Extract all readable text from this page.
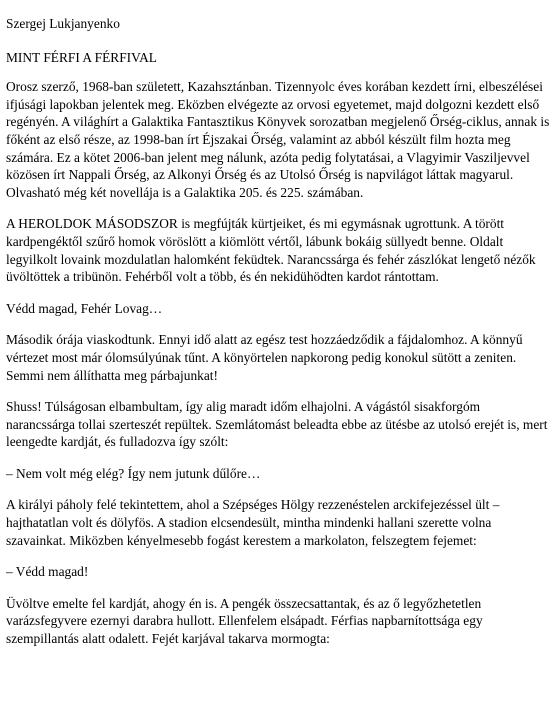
Szergej Lukjanyenko

MINT FÉRFI A FÉRFIVAL

Orosz szerző, 1968-ban született, Kazahsztánban. Tizennyolc éves korában kezdett írni, elbeszélései ifjúsági lapokban jelentek meg. Eközben elvégezte az orvosi egyetemet, majd dolgozni kezdett első regényén. A világhírt a Galaktika Fantasztikus Könyvek sorozatban megjelenő Őrség-ciklus, annak is főként az első része, az 1998-ban írt Éjszakai Őrség, valamint az abból készült film hozta meg számára. Ez a kötet 2006-ban jelent meg nálunk, azóta pedig folytatásai, a Vlagyimir Vasziljevvel közösen írt Nappali Őrség, az Alkonyi Őrség és az Utolsó Őrség is napvilágot láttak magyarul. Olvasható még két novellája is a Galaktika 205. és 225. számában.

A HEROLDOK MÁSODSZOR is megfújták kürtjeiket, és mi egymásnak ugrottunk. A törött kardpengéktől szűrő homok vöröslött a kiömlött vértől, lábunk bokáig süllyedt benne. Oldalt legyilkolt lovaink mozdulatlan halomként feküdtek. Narancssárga és fehér zászlókat lengető nézők üvöltöttek a tribünön. Fehérből volt a több, és én nekidühödten kardot rántottam.

Védd magad, Fehér Lovag…

Második órája viaskodtunk. Ennyi idő alatt az egész test hozzáedződik a fájdalomhoz. A könnyű vértezet most már ólomsúlyúnak tűnt. A könyörtelen napkorong pedig konokul sütött a zeniten. Semmi nem állíthatta meg párbajunkat!

Shuss! Túlságosan elbambultam, így alig maradt időm elhajolni. A vágástól sisakforgóm narancssárga tollai szerteszét repültek. Szemlátomást beleadta ebbe az ütésbe az utolsó erejét is, mert leengedte kardját, és fulladozva így szólt:

– Nem volt még elég? Így nem jutunk dűlőre…

A királyi páholy felé tekintettem, ahol a Szépséges Hölgy rezzenéstelen arckifejezéssel ült – hajthatatlan volt és dölyfös. A stadion elcsendesült, mintha mindenki hallani szerette volna szavainkat. Miközben kényelmesebb fogást kerestem a markolaton, felszegtem fejemet:

– Védd magad!

Üvöltve emelte fel kardját, ahogy én is. A pengék összecsattantak, és az ő legyőzhetetlen varázsfegyvere ezernyi darabra hullott. Ellenfelem elsápadt. Férfias napbarnítottsága egy szempillantás alatt odalett. Fejét karjával takarva mormogta:
